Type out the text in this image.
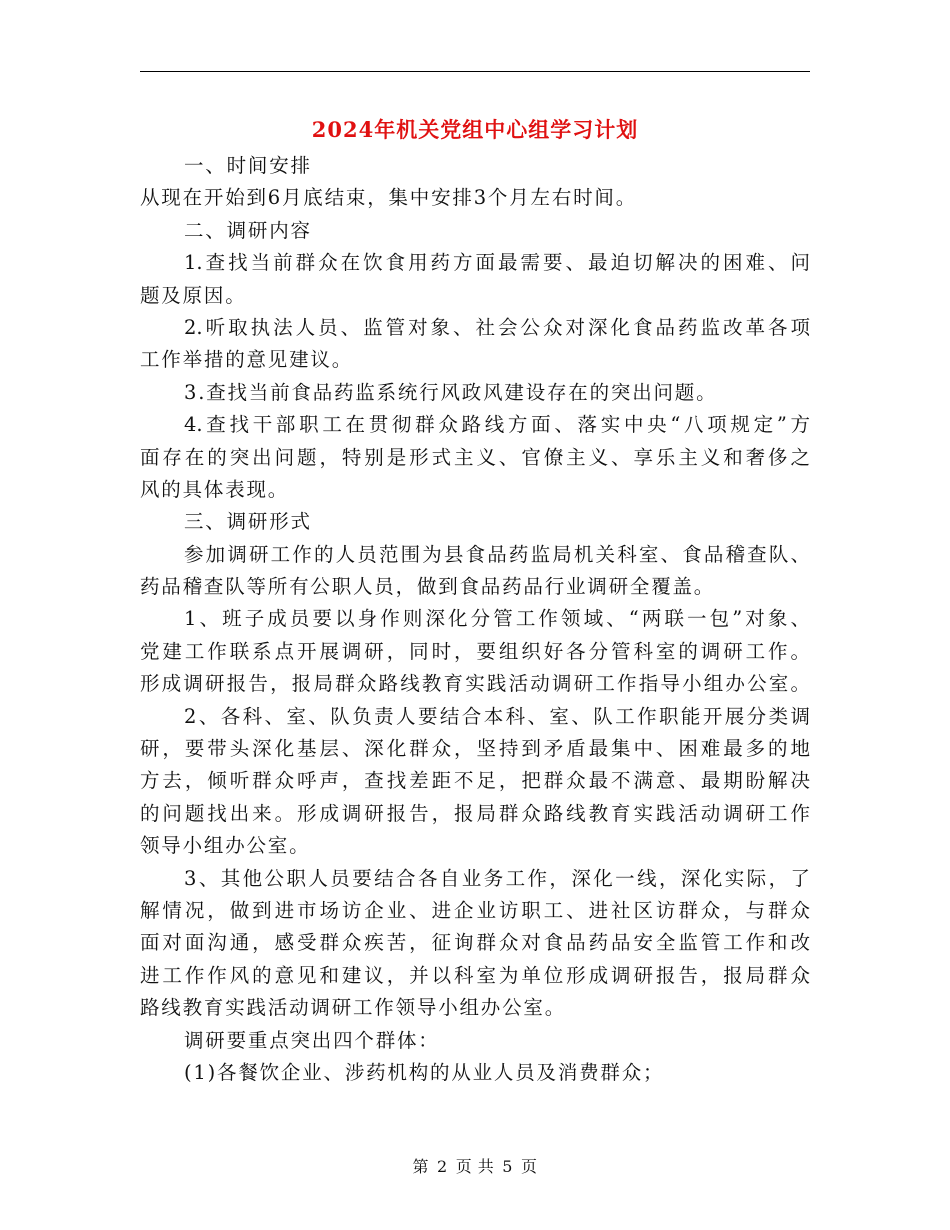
2024年机关党组中心组学习计划
一、时间安排
从现在开始到6月底结束，集中安排3个月左右时间。
二、调研内容
1.查找当前群众在饮食用药方面最需要、最迫切解决的困难、问
题及原因。
2.听取执法人员、监管对象、社会公众对深化食品药监改革各项
工作举措的意见建议。
3.查找当前食品药监系统行风政风建设存在的突出问题。
4.查找干部职工在贯彻群众路线方面、落实中央“八项规定”方
面存在的突出问题，特别是形式主义、官僚主义、享乐主义和奢侈之
风的具体表现。
三、调研形式
参加调研工作的人员范围为县食品药监局机关科室、食品稽查队、
药品稽查队等所有公职人员，做到食品药品行业调研全覆盖。
1、班子成员要以身作则深化分管工作领域、“两联一包”对象、
党建工作联系点开展调研，同时，要组织好各分管科室的调研工作。
形成调研报告，报局群众路线教育实践活动调研工作指导小组办公室。
2、各科、室、队负责人要结合本科、室、队工作职能开展分类调
研，要带头深化基层、深化群众，坚持到矛盾最集中、困难最多的地
方去，倾听群众呼声，查找差距不足，把群众最不满意、最期盼解决
的问题找出来。形成调研报告，报局群众路线教育实践活动调研工作
领导小组办公室。
3、其他公职人员要结合各自业务工作，深化一线，深化实际，了
解情况，做到进市场访企业、进企业访职工、进社区访群众，与群众
面对面沟通，感受群众疾苦，征询群众对食品药品安全监管工作和改
进工作作风的意见和建议，并以科室为单位形成调研报告，报局群众
路线教育实践活动调研工作领导小组办公室。
调研要重点突出四个群体：
(1)各餐饮企业、涉药机构的从业人员及消费群众；
第 2 页 共 5 页
